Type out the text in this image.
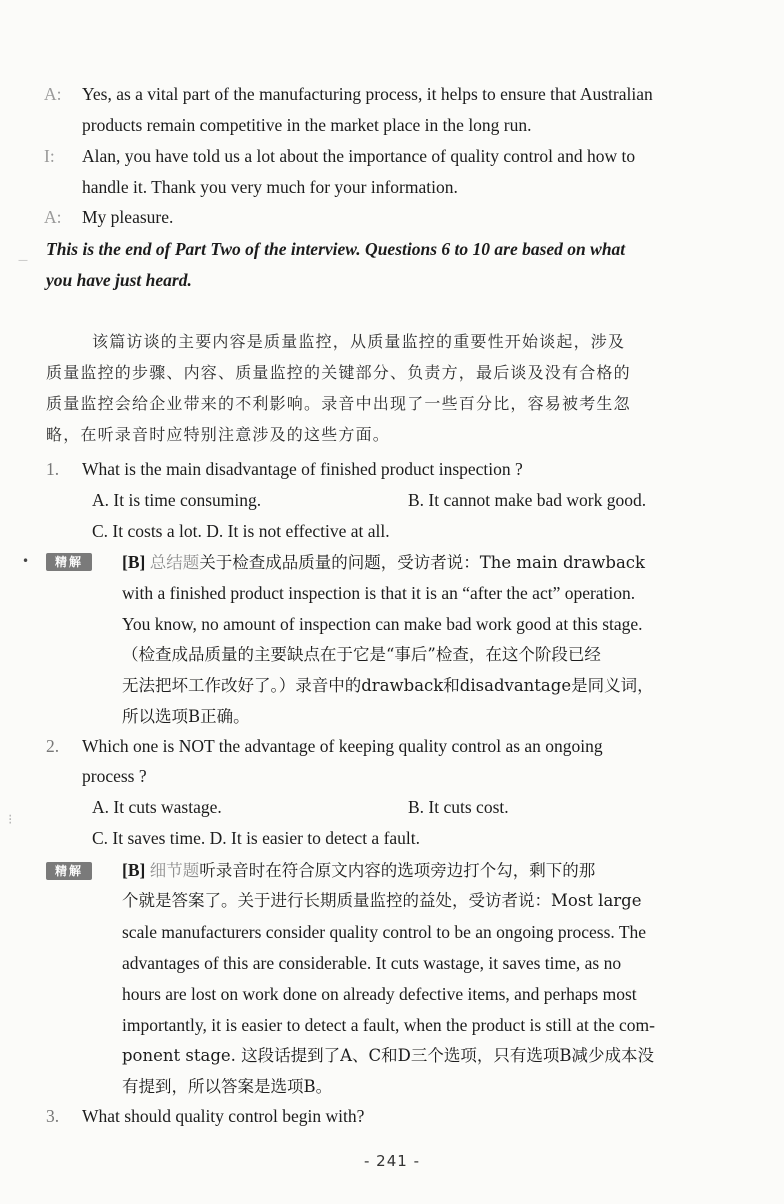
A: Yes, as a vital part of the manufacturing process, it helps to ensure that Australian
products remain competitive in the market place in the long run.
I: Alan, you have told us a lot about the importance of quality control and how to
handle it. Thank you very much for your information.
A: My pleasure.
This is the end of Part Two of the interview. Questions 6 to 10 are based on what
you have just heard.
—
该篇访谈的主要内容是质量监控，从质量监控的重要性开始谈起，涉及
质量监控的步骤、内容、质量监控的关键部分、负责方，最后谈及没有合格的
质量监控会给企业带来的不利影响。录音中出现了一些百分比，容易被考生忽
略，在听录音时应特别注意涉及的这些方面。
1. What is the main disadvantage of finished product inspection ?
A. It is time consuming.	B. It cannot make bad work good.
C. It costs a lot. D. It is not effective at all.
•	精解	[B] 总结题关于检查成品质量的问题，受访者说：The main drawback
with a finished product inspection is that it is an “after the act” operation.
You know, no amount of inspection can make bad work good at this stage.
（检查成品质量的主要缺点在于它是“事后”检查，在这个阶段已经
无法把坏工作改好了。）录音中的drawback和disadvantage是同义词，
所以选项B正确。
2. Which one is NOT the advantage of keeping quality control as an ongoing
process ?
A. It cuts wastage.	B. It cuts cost.
C. It saves time. D. It is easier to detect a fault.
⁝
精解	[B] 细节题听录音时在符合原文内容的选项旁边打个勾，剩下的那
个就是答案了。关于进行长期质量监控的益处，受访者说：Most large
scale manufacturers consider quality control to be an ongoing process. The
advantages of this are considerable. It cuts wastage, it saves time, as no
hours are lost on work done on already defective items, and perhaps most
importantly, it is easier to detect a fault, when the product is still at the com-
ponent stage. 这段话提到了A、C和D三个选项，只有选项B减少成本没
有提到，所以答案是选项B。
3. What should quality control begin with?
- 241 -
